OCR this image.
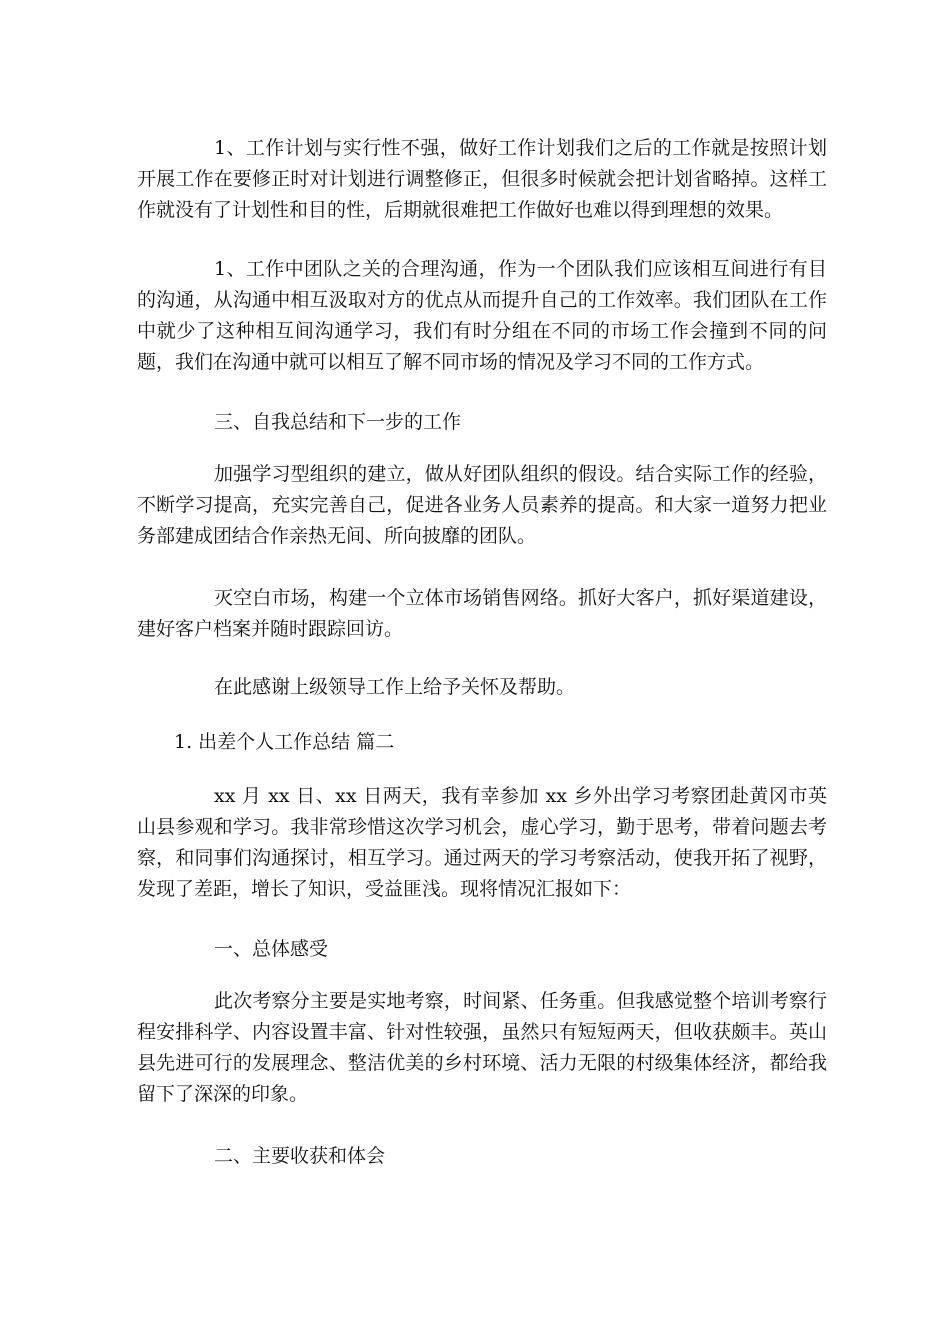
1、工作计划与实行性不强，做好工作计划我们之后的工作就是按照计划开展工作在要修正时对计划进行调整修正，但很多时候就会把计划省略掉。这样工作就没有了计划性和目的性，后期就很难把工作做好也难以得到理想的效果。

1、工作中团队之关的合理沟通，作为一个团队我们应该相互间进行有目的沟通，从沟通中相互汲取对方的优点从而提升自己的工作效率。我们团队在工作中就少了这种相互间沟通学习，我们有时分组在不同的市场工作会撞到不同的问题，我们在沟通中就可以相互了解不同市场的情况及学习不同的工作方式。

三、自我总结和下一步的工作

加强学习型组织的建立，做从好团队组织的假设。结合实际工作的经验，不断学习提高，充实完善自己，促进各业务人员素养的提高。和大家一道努力把业务部建成团结合作亲热无间、所向披靡的团队。

灭空白市场，构建一个立体市场销售网络。抓好大客户，抓好渠道建设，建好客户档案并随时跟踪回访。

在此感谢上级领导工作上给予关怀及帮助。

1. 出差个人工作总结 篇二

xx 月 xx 日、xx 日两天，我有幸参加 xx 乡外出学习考察团赴黄冈市英山县参观和学习。我非常珍惜这次学习机会，虚心学习，勤于思考，带着问题去考察，和同事们沟通探讨，相互学习。通过两天的学习考察活动，使我开拓了视野，发现了差距，增长了知识，受益匪浅。现将情况汇报如下：

一、总体感受

此次考察分主要是实地考察，时间紧、任务重。但我感觉整个培训考察行程安排科学、内容设置丰富、针对性较强，虽然只有短短两天，但收获颇丰。英山县先进可行的发展理念、整洁优美的乡村环境、活力无限的村级集体经济，都给我留下了深深的印象。

二、主要收获和体会
